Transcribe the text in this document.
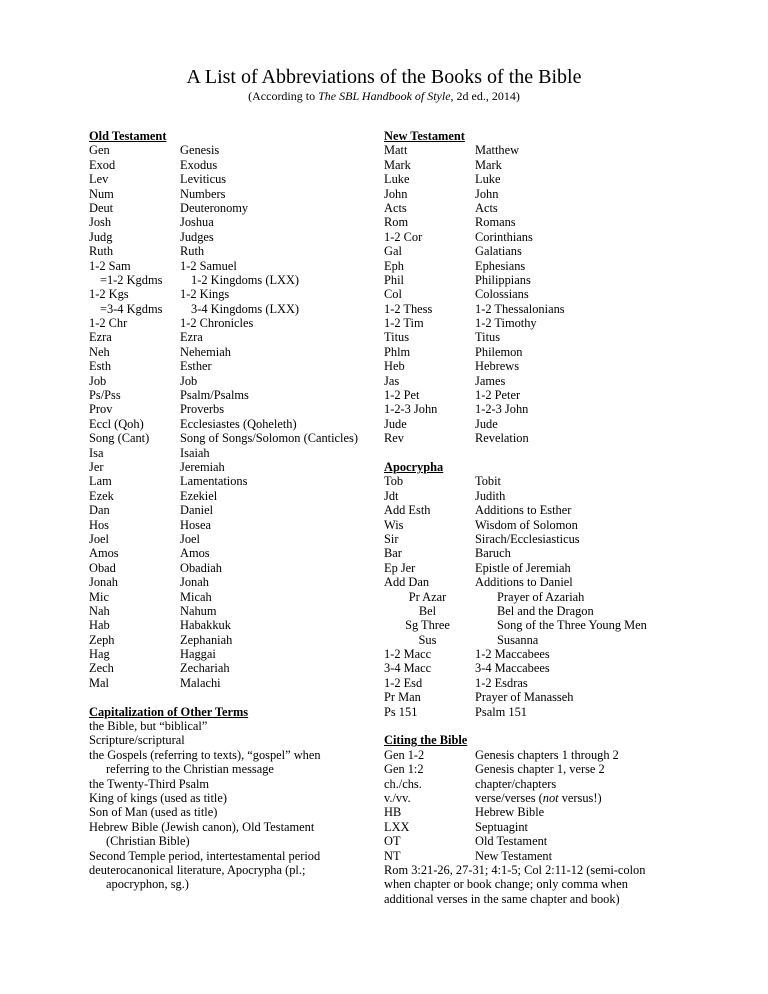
A List of Abbreviations of the Books of the Bible
(According to The SBL Handbook of Style, 2d ed., 2014)
Old Testament
Gen	Genesis
Exod	Exodus
Lev	Leviticus
Num	Numbers
Deut	Deuteronomy
Josh	Joshua
Judg	Judges
Ruth	Ruth
1-2 Sam	1-2 Samuel
=1-2 Kgdms	1-2 Kingdoms (LXX)
1-2 Kgs	1-2 Kings
=3-4 Kgdms	3-4 Kingdoms (LXX)
1-2 Chr	1-2 Chronicles
Ezra	Ezra
Neh	Nehemiah
Esth	Esther
Job	Job
Ps/Pss	Psalm/Psalms
Prov	Proverbs
Eccl (Qoh)	Ecclesiastes (Qoheleth)
Song (Cant)	Song of Songs/Solomon (Canticles)
Isa	Isaiah
Jer	Jeremiah
Lam	Lamentations
Ezek	Ezekiel
Dan	Daniel
Hos	Hosea
Joel	Joel
Amos	Amos
Obad	Obadiah
Jonah	Jonah
Mic	Micah
Nah	Nahum
Hab	Habakkuk
Zeph	Zephaniah
Hag	Haggai
Zech	Zechariah
Mal	Malachi
Capitalization of Other Terms
the Bible, but “biblical”
Scripture/scriptural
the Gospels (referring to texts), “gospel” when
referring to the Christian message
the Twenty-Third Psalm
King of kings (used as title)
Son of Man (used as title)
Hebrew Bible (Jewish canon), Old Testament
(Christian Bible)
Second Temple period, intertestamental period
deuterocanonical literature, Apocrypha (pl.;
apocryphon, sg.)
New Testament
Matt	Matthew
Mark	Mark
Luke	Luke
John	John
Acts	Acts
Rom	Romans
1-2 Cor	Corinthians
Gal	Galatians
Eph	Ephesians
Phil	Philippians
Col	Colossians
1-2 Thess	1-2 Thessalonians
1-2 Tim	1-2 Timothy
Titus	Titus
Phlm	Philemon
Heb	Hebrews
Jas	James
1-2 Pet	1-2 Peter
1-2-3 John	1-2-3 John
Jude	Jude
Rev	Revelation
Apocrypha
Tob	Tobit
Jdt	Judith
Add Esth	Additions to Esther
Wis	Wisdom of Solomon
Sir	Sirach/Ecclesiasticus
Bar	Baruch
Ep Jer	Epistle of Jeremiah
Add Dan	Additions to Daniel
Pr Azar	Prayer of Azariah
Bel	Bel and the Dragon
Sg Three	Song of the Three Young Men
Sus	Susanna
1-2 Macc	1-2 Maccabees
3-4 Macc	3-4 Maccabees
1-2 Esd	1-2 Esdras
Pr Man	Prayer of Manasseh
Ps 151	Psalm 151
Citing the Bible
Gen 1-2	Genesis chapters 1 through 2
Gen 1:2	Genesis chapter 1, verse 2
ch./chs.	chapter/chapters
v./vv.	verse/verses (not versus!)
HB	Hebrew Bible
LXX	Septuagint
OT	Old Testament
NT	New Testament
Rom 3:21-26, 27-31; 4:1-5; Col 2:11-12 (semi-colon
when chapter or book change; only comma when
additional verses in the same chapter and book)
